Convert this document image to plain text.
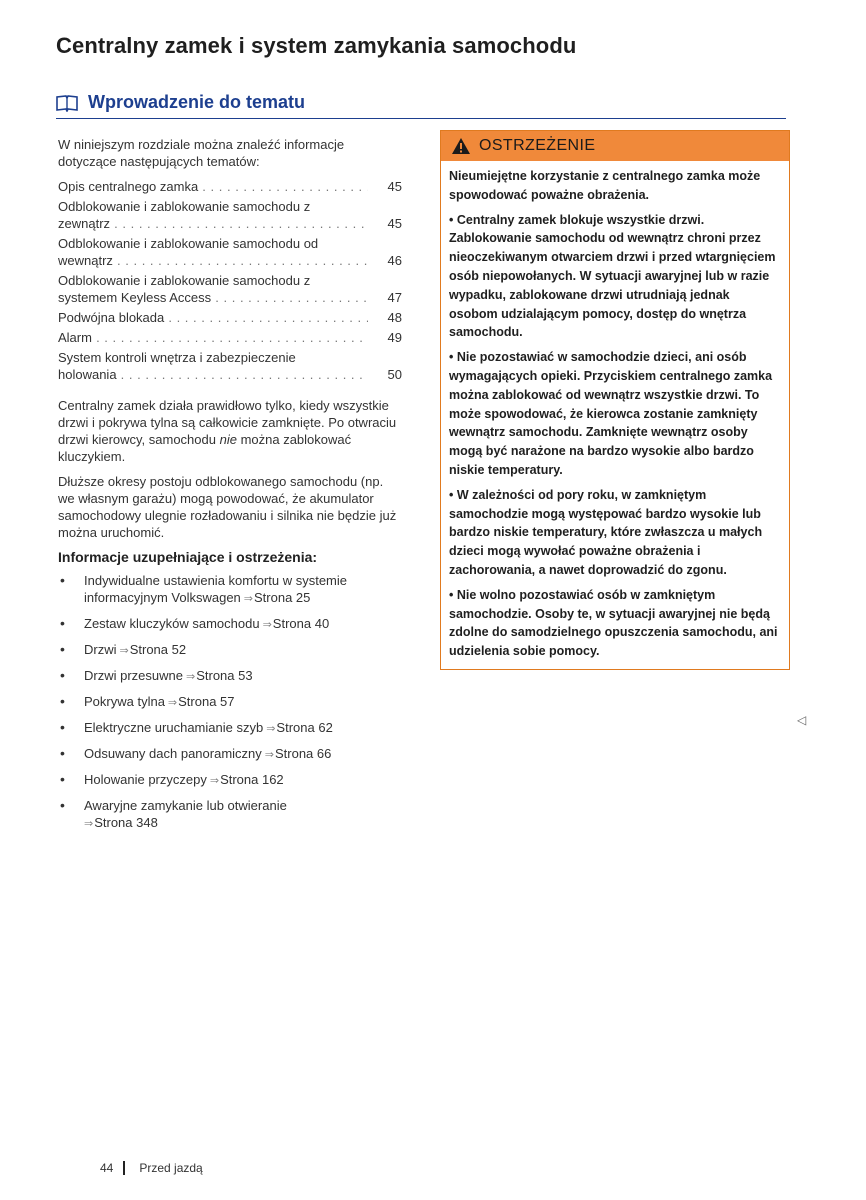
Centralny zamek i system zamykania samochodu
Wprowadzenie do tematu

W niniejszym rozdziale można znaleźć informacje dotyczące następujących tematów:

Opis centralnego zamka . . .	45
Odblokowanie i zablokowanie samochodu z
zewnątrz . . .	45
Odblokowanie i zablokowanie samochodu od
wewnątrz . . .	46
Odblokowanie i zablokowanie samochodu z
systemem Keyless Access . . .	47
Podwójna blokada . . .	48
Alarm . . .	49
System kontroli wnętrza i zabezpieczenie
holowania . . .	50

Centralny zamek działa prawidłowo tylko, kiedy wszystkie drzwi i pokrywa tylna są całkowicie zamknięte. Po otwraciu drzwi kierowcy, samochodu nie można zablokować kluczykiem.

Dłuższe okresy postoju odblokowanego samochodu (np. we własnym garażu) mogą powodować, że akumulator samochodowy ulegnie rozładowaniu i silnika nie będzie już można uruchomić.

Informacje uzupełniające i ostrzeżenia:
• Indywidualne ustawienia komfortu w systemie informacyjnym Volkswagen ⇒Strona 25
• Zestaw kluczyków samochodu ⇒Strona 40
• Drzwi ⇒Strona 52
• Drzwi przesuwne ⇒Strona 53
• Pokrywa tylna ⇒Strona 57
• Elektryczne uruchamianie szyb ⇒Strona 62
• Odsuwany dach panoramiczny ⇒Strona 66
• Holowanie przyczepy ⇒Strona 162
• Awaryjne zamykanie lub otwieranie
⇒Strona 348
OSTRZEŻENIE

Nieumiejętne korzystanie z centralnego zamka może spowodować poważne obrażenia.

• Centralny zamek blokuje wszystkie drzwi. Zablokowanie samochodu od wewnątrz chroni przez nieoczekiwanym otwarciem drzwi i przed wtargnięciem osób niepowołanych. W sytuacji awaryjnej lub w razie wypadku, zablokowane drzwi utrudniają jednak osobom udzialającym pomocy, dostęp do wnętrza samochodu.

• Nie pozostawiać w samochodzie dzieci, ani osób wymagających opieki. Przyciskiem centralnego zamka można zablokować od wewnątrz wszystkie drzwi. To może spowodować, że kierowca zostanie zamknięty wewnątrz samochodu. Zamknięte wewnątrz osoby mogą być narażone na bardzo wysokie albo bardzo niskie temperatury.

• W zależności od pory roku, w zamkniętym samochodzie mogą występować bardzo wysokie lub bardzo niskie temperatury, które zwłaszcza u małych dzieci mogą wywołać poważne obrażenia i zachorowania, a nawet doprowadzić do zgonu.

• Nie wolno pozostawiać osób w zamkniętym samochodzie. Osoby te, w sytuacji awaryjnej nie będą zdolne do samodzielnego opuszczenia samochodu, ani udzielenia sobie pomocy.

◁
44 Przed jazdą
